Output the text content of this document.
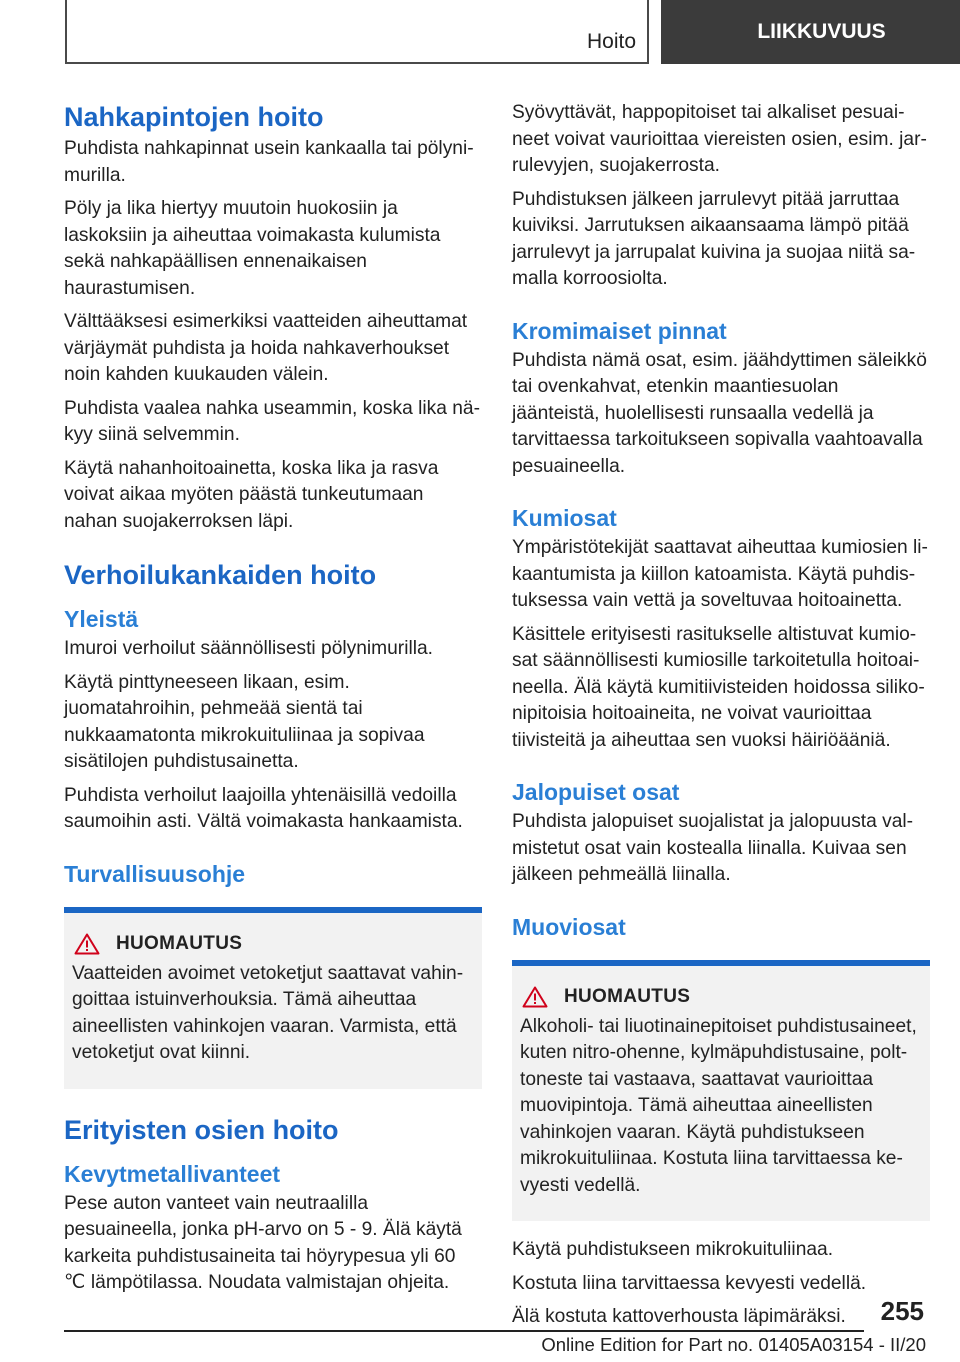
Hoito	LIIKKUVUUS
Nahkapintojen hoito

Puhdista nahkapinnat usein kankaalla tai pölynimurilla.

Pöly ja lika hiertyy muutoin huokosiin ja laskoksiin ja aiheuttaa voimakasta kulumista sekä nahkapäällisen ennenaikaisen haurastumisen.

Välttääksesi esimerkiksi vaatteiden aiheuttamat värjäymät puhdista ja hoida nahkaverhoukset noin kahden kuukauden välein.

Puhdista vaalea nahka useammin, koska lika näkyy siinä selvemmin.

Käytä nahanhoitoainetta, koska lika ja rasva voivat aikaa myöten päästä tunkeutumaan nahan suojakerroksen läpi.

Verhoilukankaiden hoito
Yleistä

Imuroi verhoilut säännöllisesti pölynimurilla.

Käytä pinttyneeseen likaan, esim. juomatahroihin, pehmeää sientä tai nukkaamatonta mikrokuituliinaa ja sopivaa sisätilojen puhdistusainetta.

Puhdista verhoilut laajoilla yhtenäisillä vedoilla saumoihin asti. Vältä voimakasta hankaamista.

Turvallisuusohje
HUOMAUTUS

Vaatteiden avoimet vetoketjut saattavat vahingoittaa istuinverhouksia. Tämä aiheuttaa aineellisten vahinkojen vaaran. Varmista, että vetoketjut ovat kiinni.

Erityisten osien hoito
Kevytmetallivanteet

Pese auton vanteet vain neutraalilla pesuaineella, jonka pH-arvo on 5 - 9. Älä käytä karkeita puhdistusaineita tai höyrypesua yli 60 ℃ lämpötilassa. Noudata valmistajan ohjeita.

Syövyttävät, happopitoiset tai alkaliset pesuaineet voivat vaurioittaa viereisten osien, esim. jarrulevyjen, suojakerrosta.

Puhdistuksen jälkeen jarrulevyt pitää jarruttaa kuiviksi. Jarrutuksen aikaansaama lämpö pitää jarrulevyt ja jarrupalat kuivina ja suojaa niitä samalla korroosiolta.

Kromimaiset pinnat

Puhdista nämä osat, esim. jäähdyttimen säleikkö tai ovenkahvat, etenkin maantiesuolan jäänteistä, huolellisesti runsaalla vedellä ja tarvittaessa tarkoitukseen sopivalla vaahtoavalla pesuaineella.

Kumiosat

Ympäristötekijät saattavat aiheuttaa kumiosien likaantumista ja kiillon katoamista. Käytä puhdistuksessa vain vettä ja soveltuvaa hoitoainetta.

Käsittele erityisesti rasitukselle altistuvat kumiosat säännöllisesti kumiosille tarkoitetulla hoitoaineella. Älä käytä kumitiivisteiden hoidossa silikonipitoisia hoitoaineita, ne voivat vaurioittaa tiivisteitä ja aiheuttaa sen vuoksi häiriöääniä.

Jalopuiset osat

Puhdista jalopuiset suojalistat ja jalopuusta valmistetut osat vain kostealla liinalla. Kuivaa sen jälkeen pehmeällä liinalla.

Muoviosat
HUOMAUTUS

Alkoholi- tai liuotinainepitoiset puhdistusaineet, kuten nitro-ohenne, kylmäpuhdistusaine, polttoneste tai vastaava, saattavat vaurioittaa muovipintoja. Tämä aiheuttaa aineellisten vahinkojen vaaran. Käytä puhdistukseen mikrokuituliinaa. Kostuta liina tarvittaessa kevyesti vedellä.

Käytä puhdistukseen mikrokuituliinaa.

Kostuta liina tarvittaessa kevyesti vedellä.

Älä kostuta kattoverhousta läpimäräksi.	255
Online Edition for Part no. 01405A03154 - II/20
